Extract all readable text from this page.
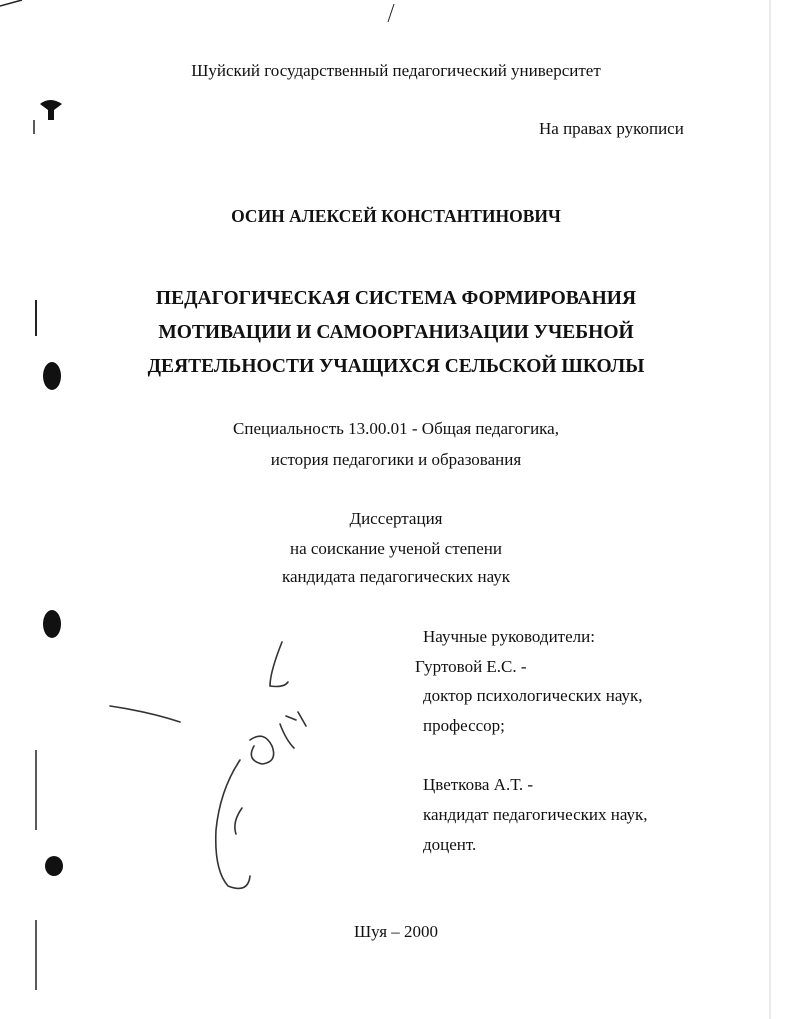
Шуйский государственный педагогический университет
На правах рукописи
ОСИН АЛЕКСЕЙ КОНСТАНТИНОВИЧ
ПЕДАГОГИЧЕСКАЯ СИСТЕМА ФОРМИРОВАНИЯ
МОТИВАЦИИ И САМООРГАНИЗАЦИИ УЧЕБНОЙ
ДЕЯТЕЛЬНОСТИ УЧАЩИХСЯ СЕЛЬСКОЙ ШКОЛЫ
Специальность 13.00.01 - Общая педагогика,
история педагогики и образования
Диссертация
на соискание ученой степени
кандидата педагогических наук
Научные руководители:
Гуртовой Е.С. -
доктор психологических наук,
профессор;
Цветкова А.Т. -
кандидат педагогических наук,
доцент.
Шуя – 2000
